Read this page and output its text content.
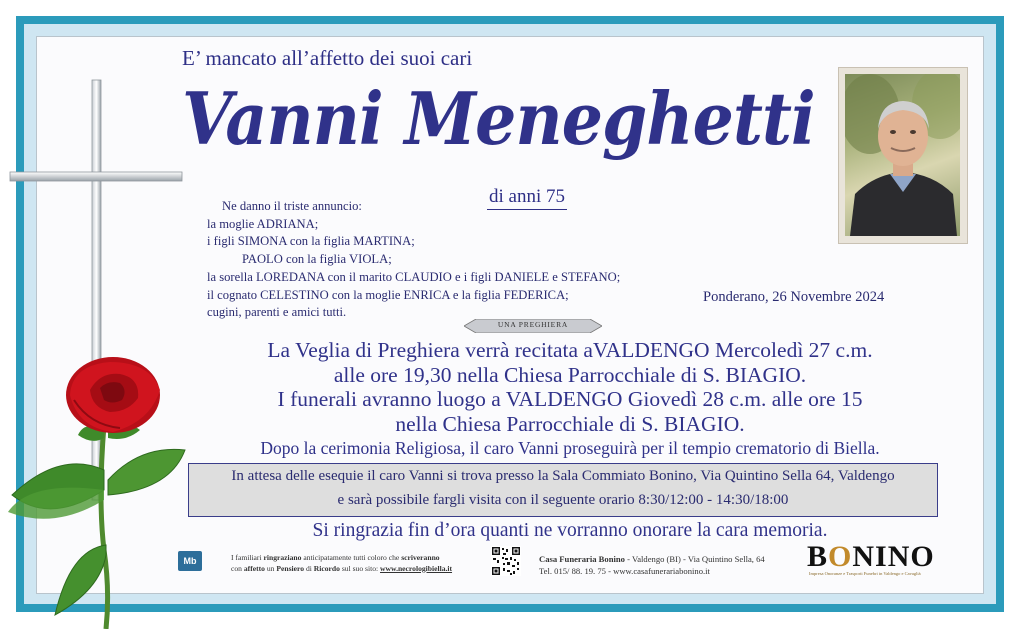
E’ mancato all’affetto dei suoi cari
Vanni Meneghetti
di anni 75
Ne danno il triste annuncio:
la moglie ADRIANA;
i figli SIMONA con la figlia MARTINA;
PAOLO con la figlia VIOLA;
la sorella LOREDANA con il marito CLAUDIO e i figli DANIELE e STEFANO;
il cognato CELESTINO con la moglie ENRICA e la figlia FEDERICA;
cugini, parenti e amici tutti.
Ponderano, 26 Novembre 2024
UNA PREGHIERA
La Veglia di Preghiera verrà recitata aVALDENGO Mercoledì 27 c.m.
alle ore 19,30 nella Chiesa Parrocchiale di S. BIAGIO.
I funerali avranno luogo a VALDENGO Giovedì 28 c.m. alle ore 15
nella Chiesa Parrocchiale di S. BIAGIO.
Dopo la cerimonia Religiosa, il caro Vanni proseguirà per il tempio crematorio di Biella.
In attesa delle esequie il caro Vanni si trova presso la Sala Commiato Bonino, Via Quintino Sella 64, Valdengo
e sarà possibile fargli visita con il seguente orario 8:30/12:00 - 14:30/18:00
Si ringrazia fin d’ora quanti ne vorranno onorare la cara memoria.
Mb	I familiari ringraziano anticipatamente tutti coloro che scriveranno
con affetto un Pensiero di Ricordo sul suo sito: www.necrologibiella.it
Casa Funeraria Bonino - Valdengo (BI) - Via Quintino Sella, 64
Tel. 015/ 88. 19. 75 - www.casafunerariabonino.it	BONINO
Impresa Onoranze e Trasporti Funebri in Valdengo e Cavaglià
